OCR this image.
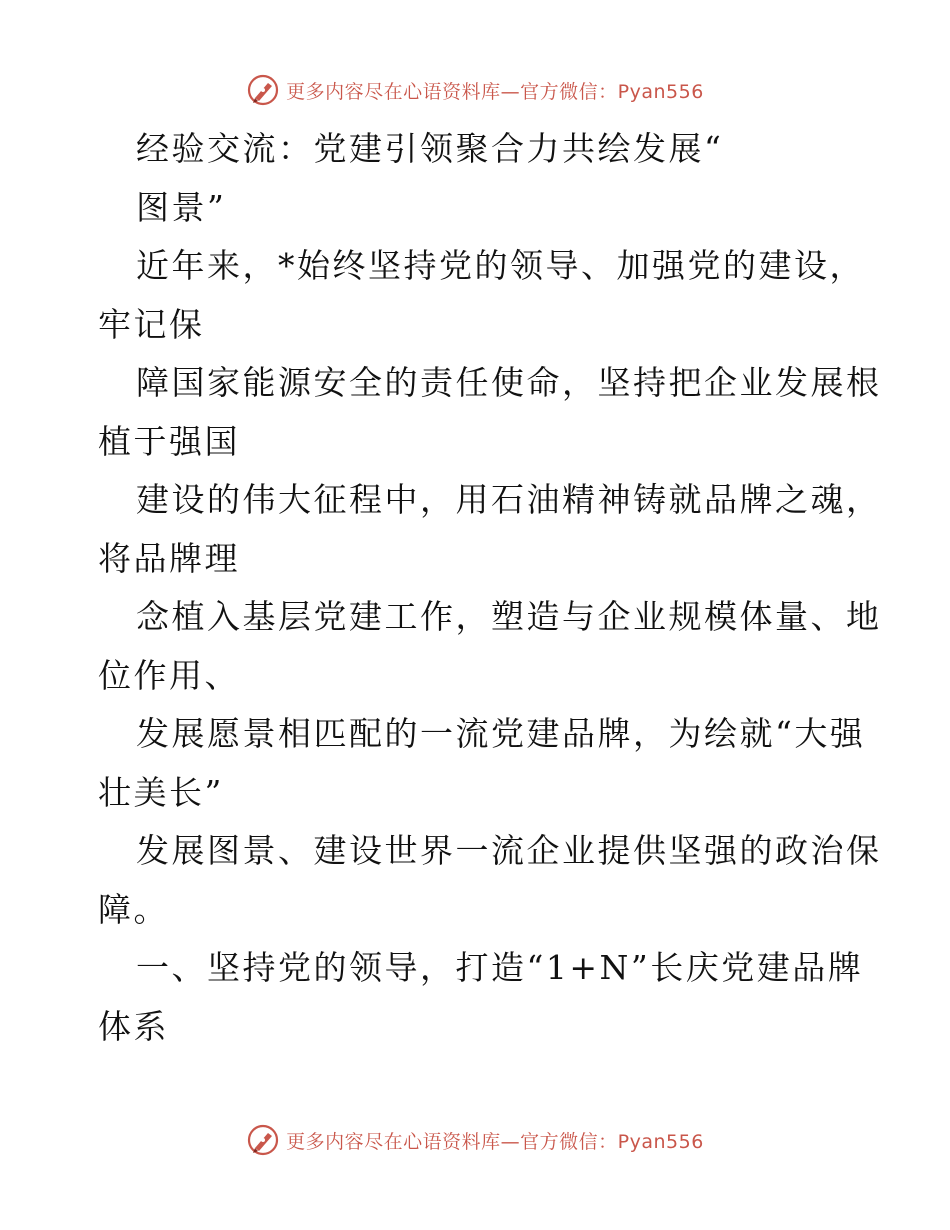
更多内容尽在心语资料库—官方微信：Pyan556
经验交流：党建引领聚合力共绘发展“
图景”
近年来，*始终坚持党的领导、加强党的建设，
牢记保
障国家能源安全的责任使命，坚持把企业发展根
植于强国
建设的伟大征程中，用石油精神铸就品牌之魂，
将品牌理
念植入基层党建工作，塑造与企业规模体量、地
位作用、
发展愿景相匹配的一流党建品牌，为绘就“大强
壮美长”
发展图景、建设世界一流企业提供坚强的政治保
障。
一、坚持党的领导，打造“1+N”长庆党建品牌
体系
更多内容尽在心语资料库—官方微信：Pyan556
